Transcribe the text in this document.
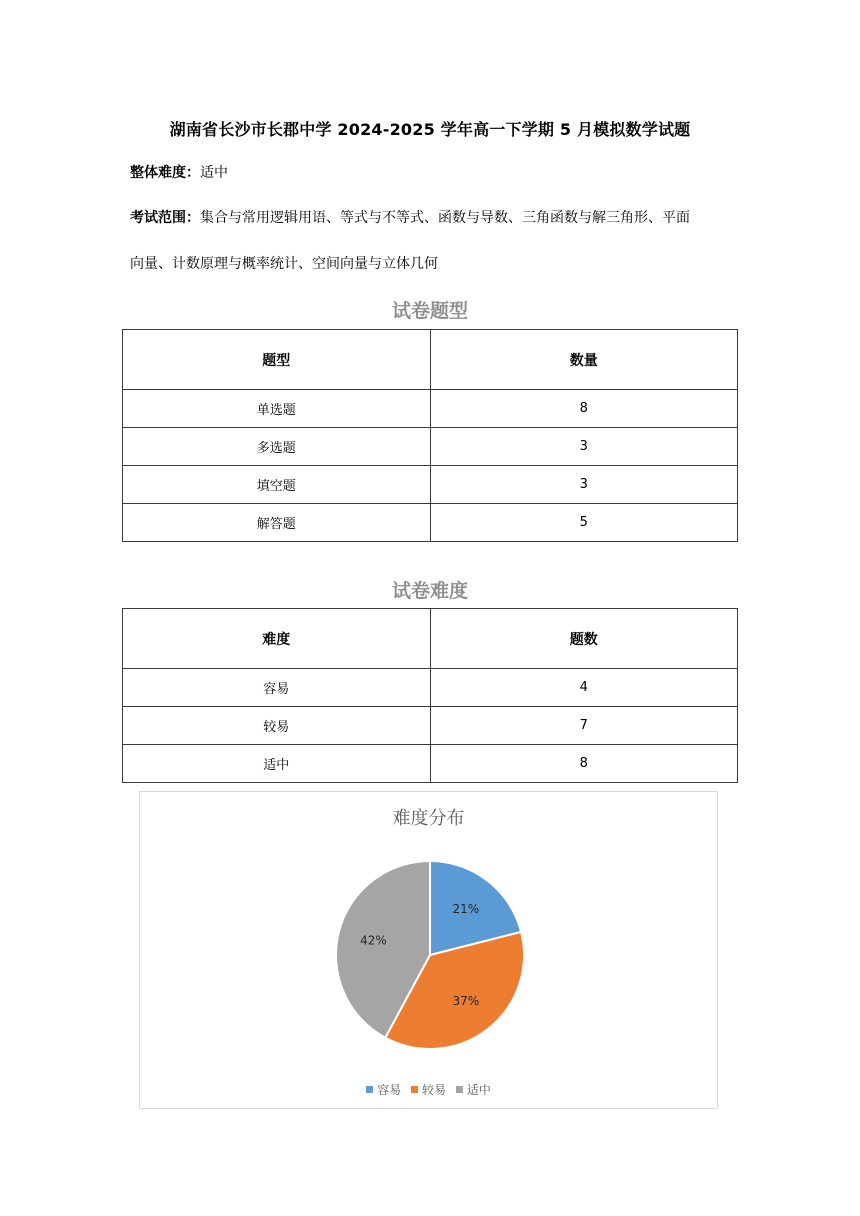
湖南省长沙市长郡中学 2024-2025 学年高一下学期 5 月模拟数学试题
整体难度：适中
考试范围：集合与常用逻辑用语、等式与不等式、函数与导数、三角函数与解三角形、平面
向量、计数原理与概率统计、空间向量与立体几何
试卷题型
题型	数量
单选题	8
多选题	3
填空题	3
解答题	5
试卷难度
难度	题数
容易	4
较易	7
适中	8
难度分布
21%
37%
42%
容易 较易 适中
